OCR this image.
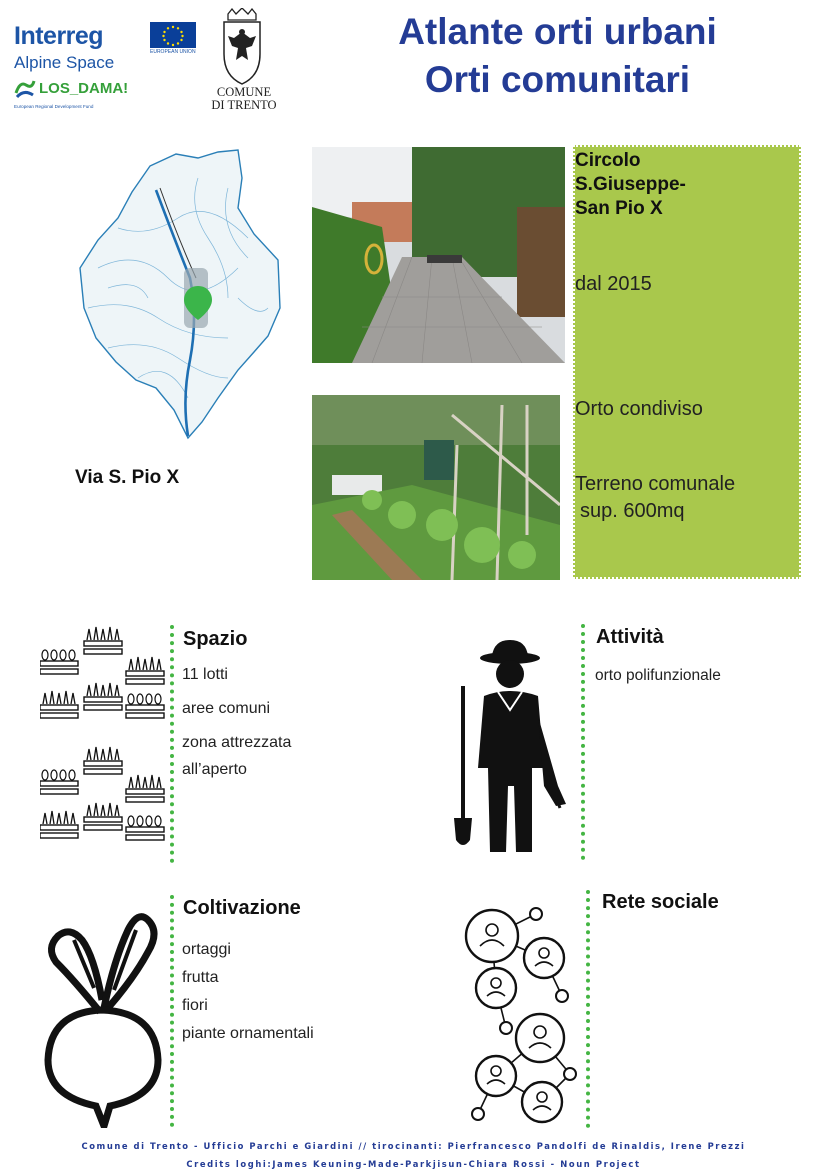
Interreg
EUROPEAN UNION
Alpine Space
LOS_DAMA!
European Regional Development Fund
COMUNE
DI TRENTO
Atlante orti urbani
Orti comunitari
Via S. Pio X
Circolo
S.Giuseppe-
San Pio X
dal 2015
Orto condiviso
Terreno comunale
sup. 600mq
Spazio
11 lotti
aree comuni
zona attrezzata
all’aperto
Attività
orto polifunzionale
Coltivazione
ortaggi
frutta
fiori
piante ornamentali
Rete sociale
Comune di Trento - Ufficio Parchi e Giardini // tirocinanti: Pierfrancesco Pandolfi de Rinaldis, Irene Prezzi
Credits loghi:James Keuning-Made-Parkjisun-Chiara Rossi - Noun Project
